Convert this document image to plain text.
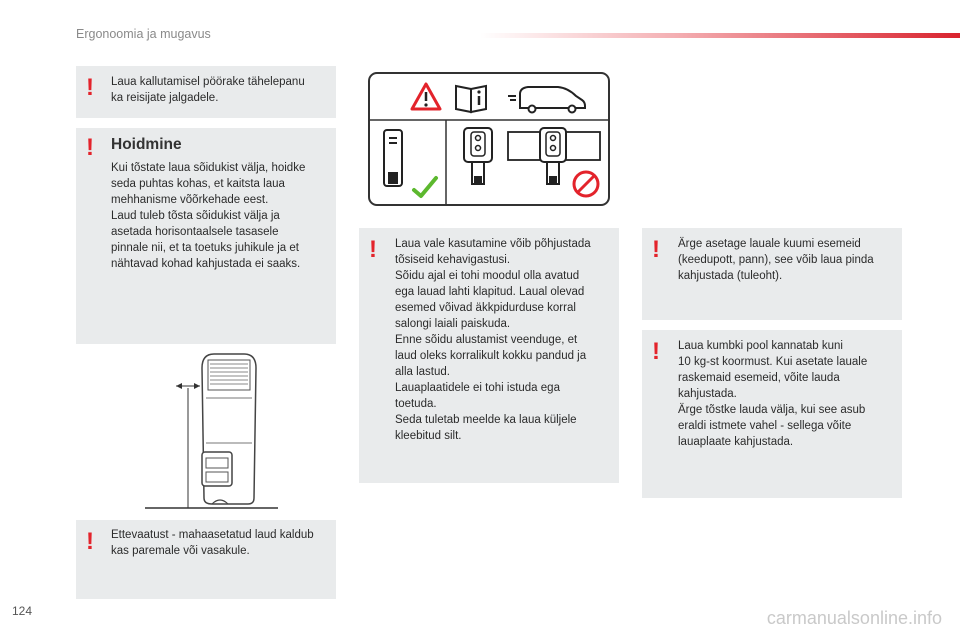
Ergonoomia ja mugavus
! Laua kallutamisel pöörake tähelepanu
ka reisijate jalgadele.

! Hoidmine

Kui tõstate laua sõidukist välja, hoidke
seda puhtas kohas, et kaitsta laua
mehhanisme võõrkehade eest.
Laud tuleb tõsta sõidukist välja ja
asetada horisontaalsele tasasele
pinnale nii, et ta toetuks juhikule ja et
nähtavad kohad kahjustada ei saaks.

! Laua vale kasutamine võib põhjustada
tõsiseid kehavigastusi.
Sõidu ajal ei tohi moodul olla avatud
ega lauad lahti klapitud. Laual olevad
esemed võivad äkkpidurduse korral
salongi laiali paiskuda.
Enne sõidu alustamist veenduge, et
laud oleks korralikult kokku pandud ja
alla lastud.
Lauaplaatidele ei tohi istuda ega
toetuda.
Seda tuletab meelde ka laua küljele
kleebitud silt.

! Ärge asetage lauale kuumi esemeid
(keedupott, pann), see võib laua pinda
kahjustada (tuleoht).

! Laua kumbki pool kannatab kuni
10 kg-st koormust. Kui asetate lauale
raskemaid esemeid, võite lauda
kahjustada.
Ärge tõstke lauda välja, kui see asub
eraldi istmete vahel - sellega võite
lauaplaate kahjustada.

! Ettevaatust - mahaasetatud laud kaldub
kas paremale või vasakule.

124	carmanualsonline.info
